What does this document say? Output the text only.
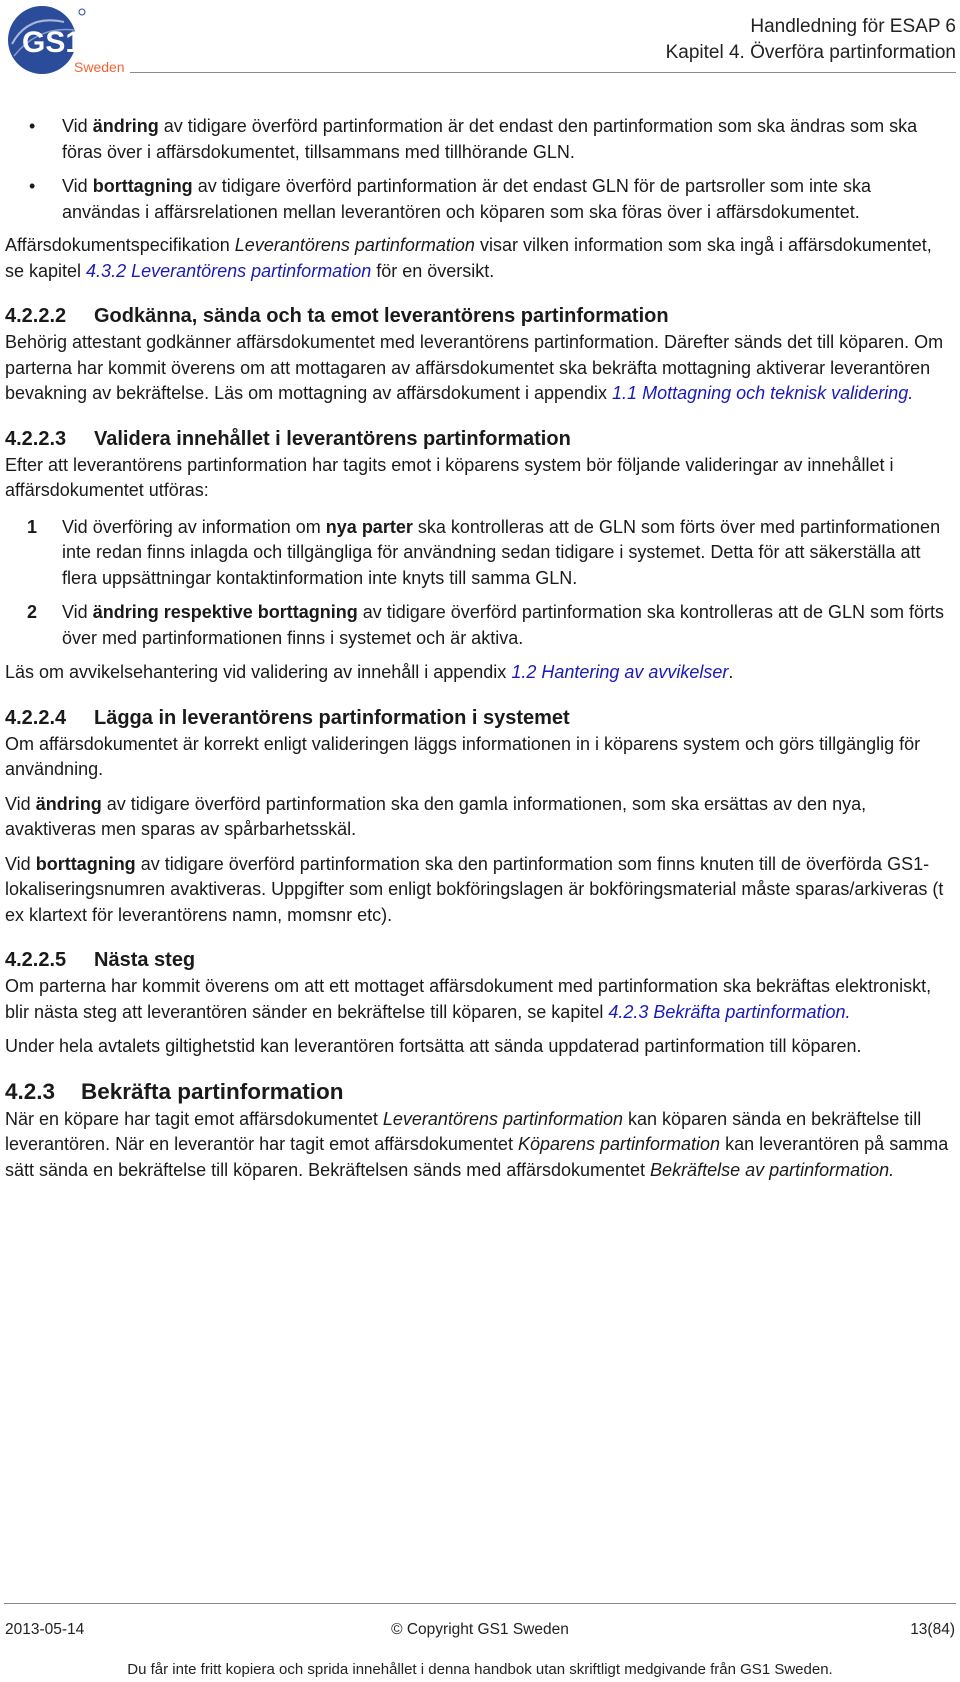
GS1
Sweden
Handledning för ESAP 6
Kapitel 4. Överföra partinformation
•	Vid ändring av tidigare överförd partinformation är det endast den partinformation som ska ändras som ska föras över i affärsdokumentet, tillsammans med tillhörande GLN.
•	Vid borttagning av tidigare överförd partinformation är det endast GLN för de partsroller som inte ska användas i affärsrelationen mellan leverantören och köparen som ska föras över i affärsdokumentet.

Affärsdokumentspecifikation Leverantörens partinformation visar vilken information som ska ingå i affärsdokumentet, se kapitel 4.3.2 Leverantörens partinformation för en översikt.

4.2.2.2 Godkänna, sända och ta emot leverantörens partinformation

Behörig attestant godkänner affärsdokumentet med leverantörens partinformation. Därefter sänds det till köparen. Om parterna har kommit överens om att mottagaren av affärsdokumentet ska bekräfta mottagning aktiverar leverantören bevakning av bekräftelse. Läs om mottagning av affärsdokument i appendix 1.1 Mottagning och teknisk validering.

4.2.2.3 Validera innehållet i leverantörens partinformation

Efter att leverantörens partinformation har tagits emot i köparens system bör följande valideringar av innehållet i affärsdokumentet utföras:

1	Vid överföring av information om nya parter ska kontrolleras att de GLN som förts över med partinformationen inte redan finns inlagda och tillgängliga för användning sedan tidigare i systemet. Detta för att säkerställa att flera uppsättningar kontaktinformation inte knyts till samma GLN.
2	Vid ändring respektive borttagning av tidigare överförd partinformation ska kontrolleras att de GLN som förts över med partinformationen finns i systemet och är aktiva.

Läs om avvikelsehantering vid validering av innehåll i appendix 1.2 Hantering av avvikelser.

4.2.2.4 Lägga in leverantörens partinformation i systemet

Om affärsdokumentet är korrekt enligt valideringen läggs informationen in i köparens system och görs tillgänglig för användning.

Vid ändring av tidigare överförd partinformation ska den gamla informationen, som ska ersättas av den nya, avaktiveras men sparas av spårbarhetsskäl.

Vid borttagning av tidigare överförd partinformation ska den partinformation som finns knuten till de överförda GS1-lokaliseringsnumren avaktiveras. Uppgifter som enligt bokföringslagen är bokföringsmaterial måste sparas/arkiveras (t ex klartext för leverantörens namn, momsnr etc).

4.2.2.5 Nästa steg

Om parterna har kommit överens om att ett mottaget affärsdokument med partinformation ska bekräftas elektroniskt, blir nästa steg att leverantören sänder en bekräftelse till köparen, se kapitel 4.2.3 Bekräfta partinformation.

Under hela avtalets giltighetstid kan leverantören fortsätta att sända uppdaterad partinformation till köparen.

4.2.3 Bekräfta partinformation

När en köpare har tagit emot affärsdokumentet Leverantörens partinformation kan köparen sända en bekräftelse till leverantören. När en leverantör har tagit emot affärsdokumentet Köparens partinformation kan leverantören på samma sätt sända en bekräftelse till köparen. Bekräftelsen sänds med affärsdokumentet Bekräftelse av partinformation.

2013-05-14	© Copyright GS1 Sweden	13(84)
Du får inte fritt kopiera och sprida innehållet i denna handbok utan skriftligt medgivande från GS1 Sweden.
